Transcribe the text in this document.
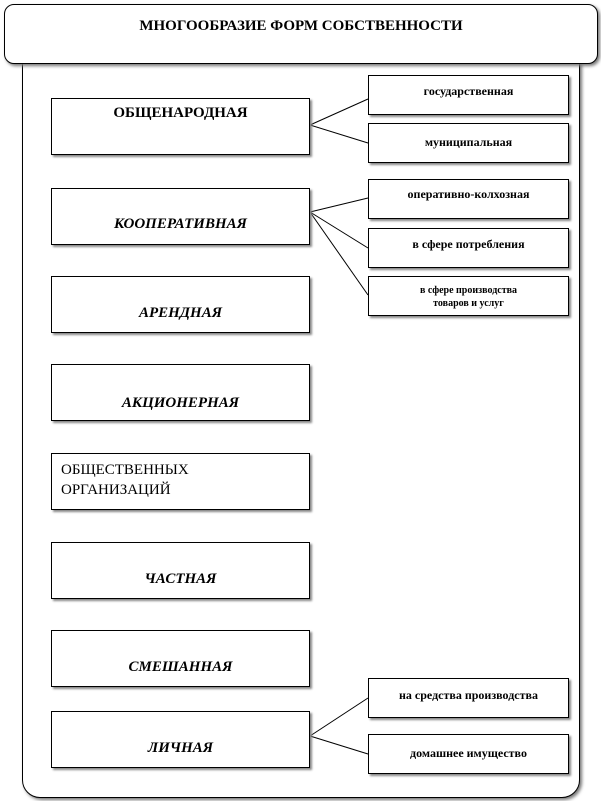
МНОГООБРАЗИЕ ФОРМ СОБСТВЕННОСТИ
ОБЩЕНАРОДНАЯ
КООПЕРАТИВНАЯ
АРЕНДНАЯ
АКЦИОНЕРНАЯ
ОБЩЕСТВЕННЫХ ОРГАНИЗАЦИЙ
ЧАСТНАЯ
СМЕШАННАЯ
ЛИЧНАЯ
государственная
муниципальная
оперативно-колхозная
в сфере потребления
в сфере производства товаров и услуг
на средства производства
домашнее имущество
